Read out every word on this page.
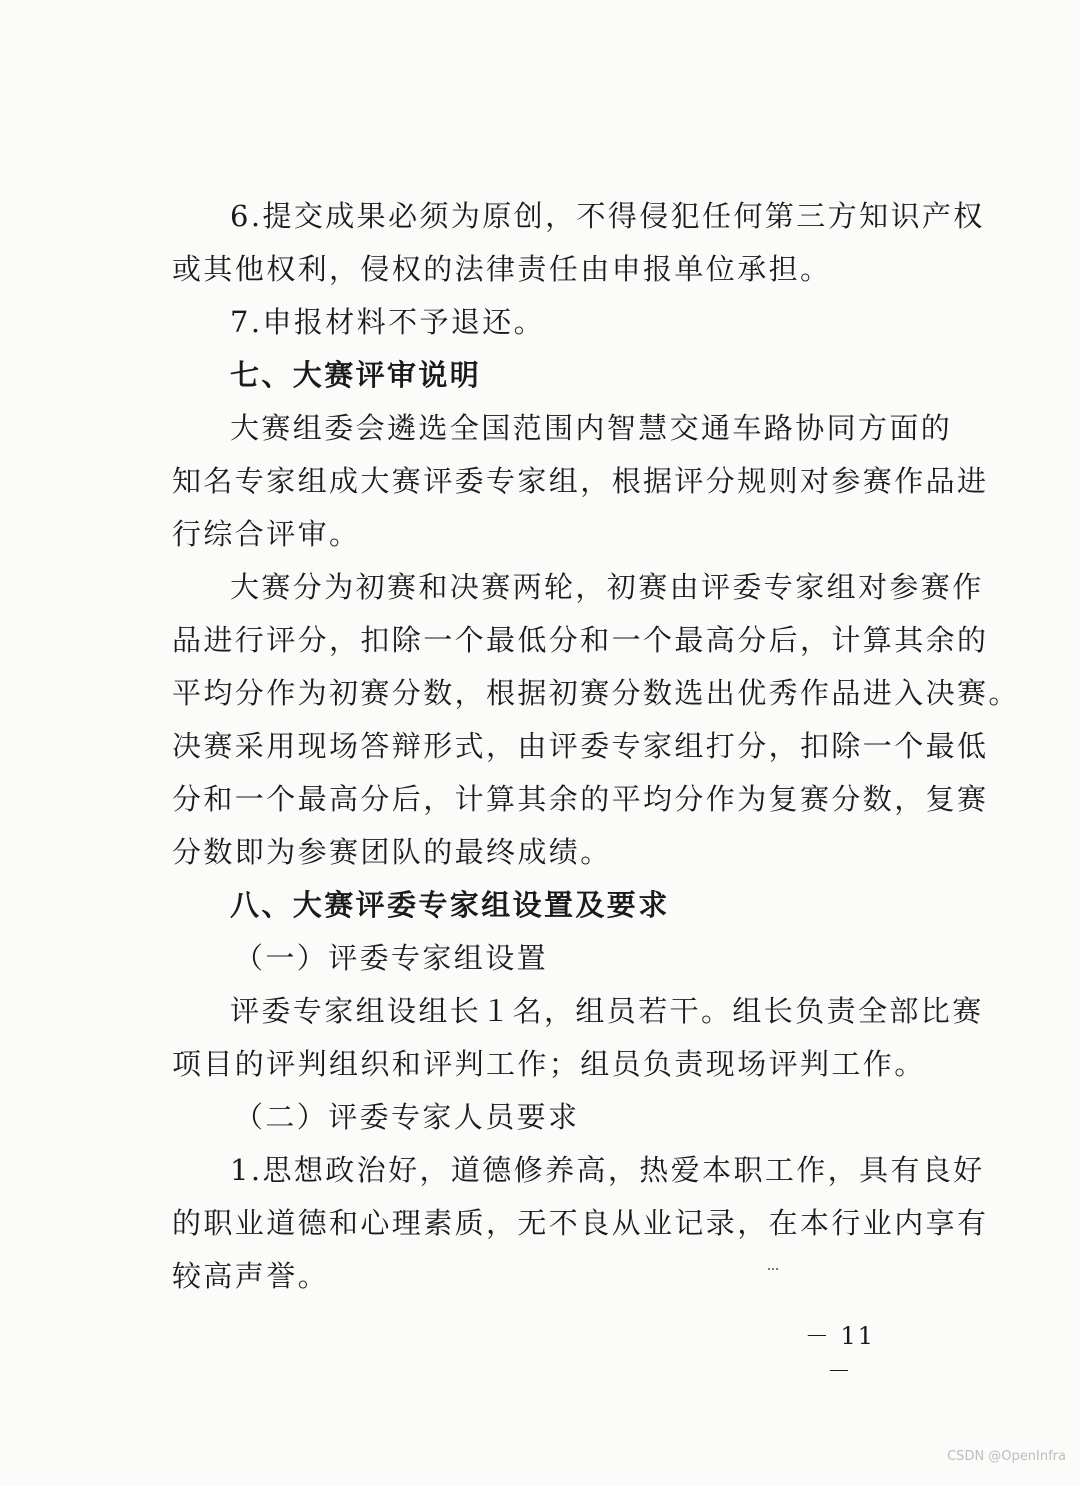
6.提交成果必须为原创，不得侵犯任何第三方知识产权
或其他权利，侵权的法律责任由申报单位承担。
7.申报材料不予退还。
七、大赛评审说明
大赛组委会遴选全国范围内智慧交通车路协同方面的
知名专家组成大赛评委专家组，根据评分规则对参赛作品进
行综合评审。
大赛分为初赛和决赛两轮，初赛由评委专家组对参赛作
品进行评分，扣除一个最低分和一个最高分后，计算其余的
平均分作为初赛分数，根据初赛分数选出优秀作品进入决赛。
决赛采用现场答辩形式，由评委专家组打分，扣除一个最低
分和一个最高分后，计算其余的平均分作为复赛分数，复赛
分数即为参赛团队的最终成绩。
八、大赛评委专家组设置及要求
（一）评委专家组设置
评委专家组设组长１名，组员若干。组长负责全部比赛
项目的评判组织和评判工作；组员负责现场评判工作。
（二）评委专家人员要求
1.思想政治好，道德修养高，热爱本职工作，具有良好
的职业道德和心理素质，无不良从业记录，在本行业内享有
较高声誉。
－ 11 －
CSDN @OpenInfra
